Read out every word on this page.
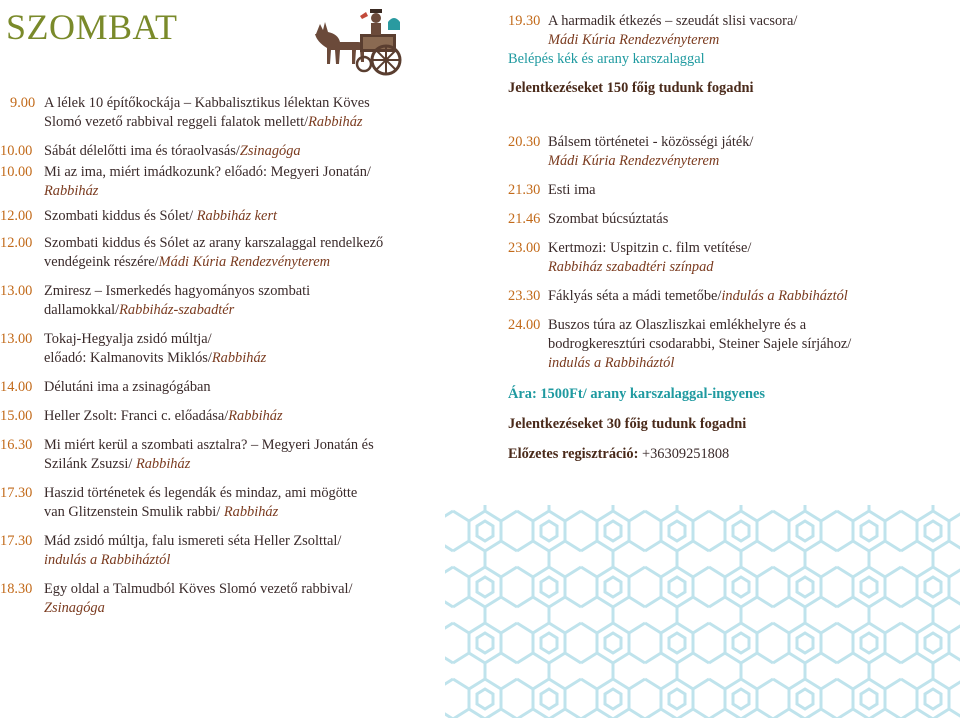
SZOMBAT
9.00 A lélek 10 építőkockája – Kabbalisztikus lélektan Köves
Slomó vezető rabbival reggeli falatok mellett/Rabbiház
10.00 Sábát délelőtti ima és tóraolvasás/Zsinagóga
10.00 Mi az ima, miért imádkozunk? előadó: Megyeri Jonatán/
Rabbiház
12.00 Szombati kiddus és Sólet/ Rabbiház kert
12.00 Szombati kiddus és Sólet az arany karszalaggal rendelkező
vendégeink részére/Mádi Kúria Rendezvényterem
13.00 Zmiresz – Ismerkedés hagyományos szombati
dallamokkal/Rabbiház-szabadtér
13.00 Tokaj-Hegyalja zsidó múltja/
előadó: Kalmanovits Miklós/Rabbiház
14.00 Délutáni ima a zsinagógában
15.00 Heller Zsolt: Franci c. előadása/Rabbiház
16.30 Mi miért kerül a szombati asztalra? – Megyeri Jonatán és
Szilánk Zsuzsi/ Rabbiház
17.30 Haszid történetek és legendák és mindaz, ami mögötte
van Glitzenstein Smulik rabbi/ Rabbiház
17.30 Mád zsidó múltja, falu ismereti séta Heller Zsolttal/
indulás a Rabbiháztól
18.30 Egy oldal a Talmudból Köves Slomó vezető rabbival/
Zsinagóga
19.30 A harmadik étkezés – szeudát slisi vacsora/
Mádi Kúria Rendezvényterem
Belépés kék és arany karszalaggal
Jelentkezéseket 150 főig tudunk fogadni
20.30 Bálsem történetei - közösségi játék/
Mádi Kúria Rendezvényterem
21.30 Esti ima
21.46 Szombat búcsúztatás
23.00 Kertmozi: Uspitzin c. film vetítése/
Rabbiház szabadtéri színpad
23.30 Fáklyás séta a mádi temetőbe/indulás a Rabbiháztól
24.00 Buszos túra az Olaszliszkai emlékhelyre és a
bodrogkeresztúri csodarabbi, Steiner Sajele sírjához/
indulás a Rabbiháztól
Ára: 1500Ft/ arany karszalaggal-ingyenes
Jelentkezéseket 30 főig tudunk fogadni
Előzetes regisztráció: +36309251808
